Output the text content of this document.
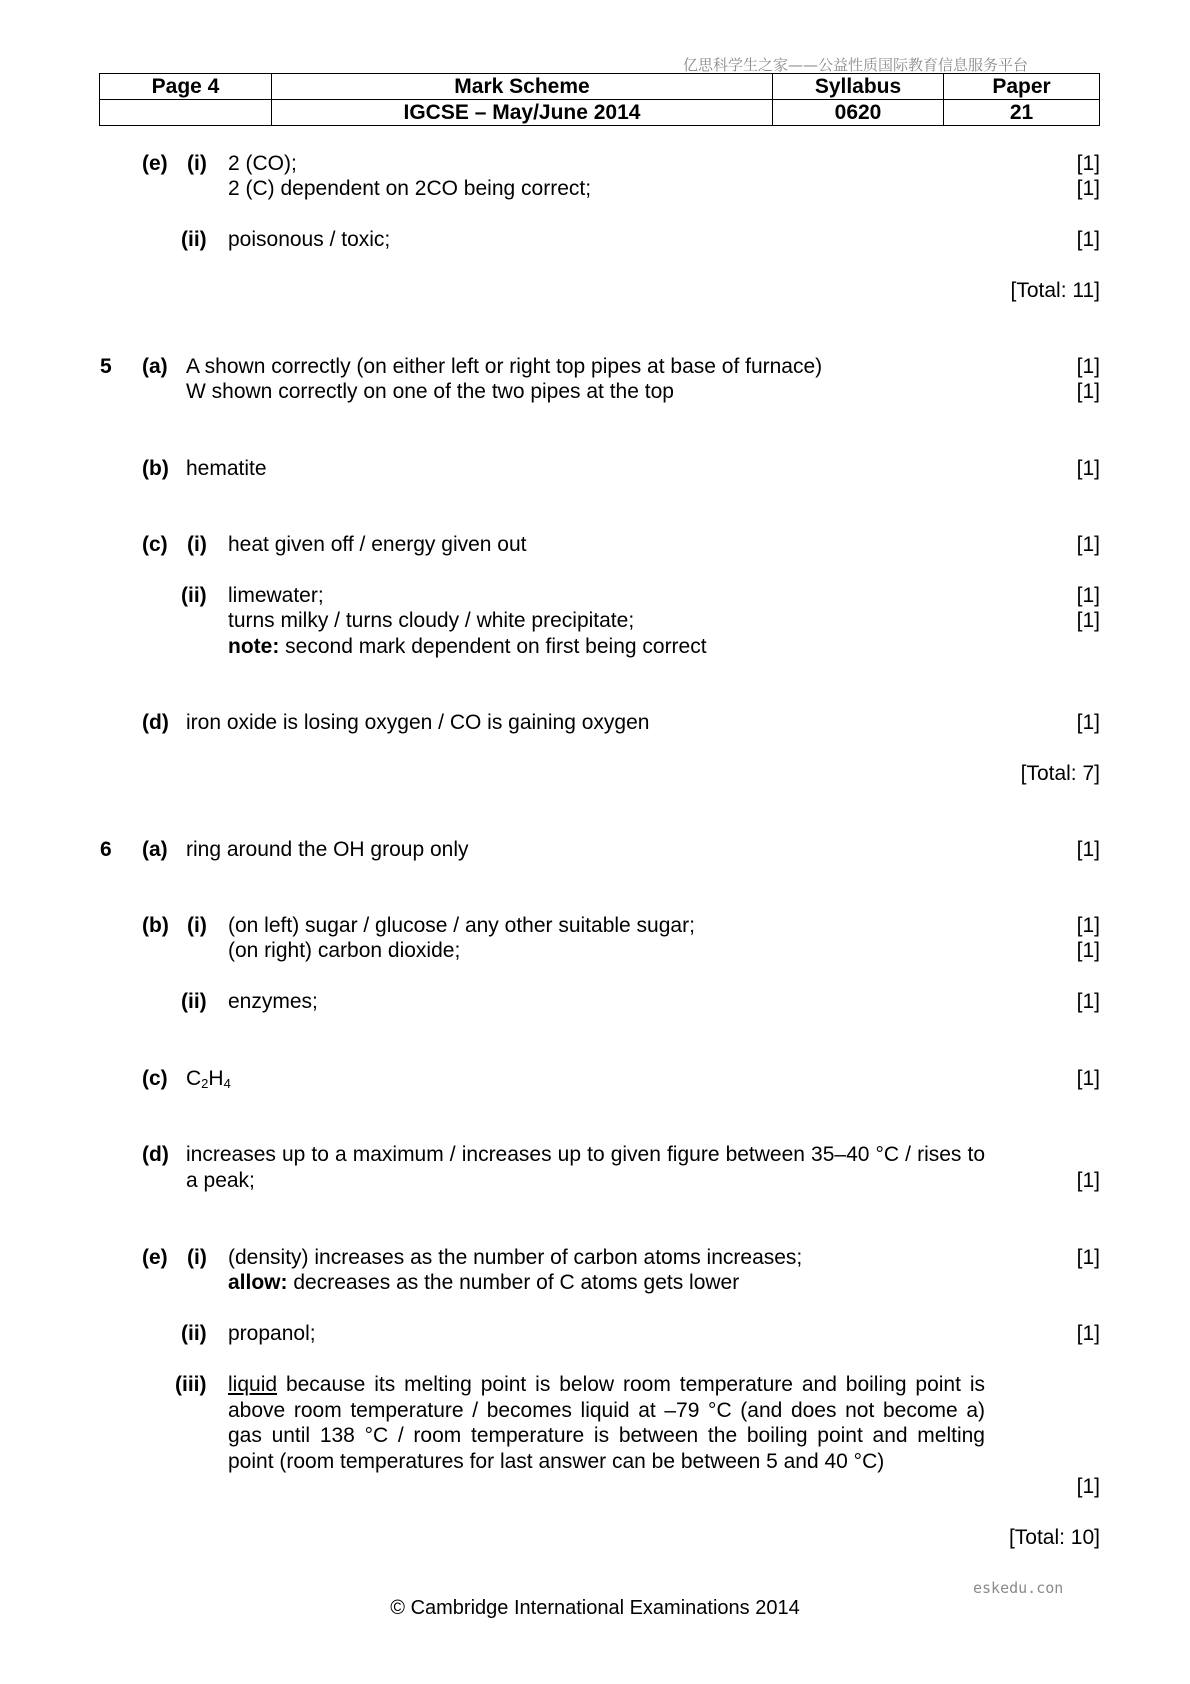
亿思科学生之家——公益性质国际教育信息服务平台
Page 4	Mark Scheme	Syllabus	Paper
	IGCSE – May/June 2014	0620	21
(e) (i) 2 (CO);	[1]
2 (C) dependent on 2CO being correct;	[1]
(ii) poisonous / toxic;	[1]
[Total: 11]
5 (a) A shown correctly (on either left or right top pipes at base of furnace)	[1]
W shown correctly on one of the two pipes at the top	[1]
(b) hematite	[1]
(c) (i) heat given off / energy given out	[1]
(ii) limewater;	[1]
turns milky / turns cloudy / white precipitate;	[1]
note: second mark dependent on first being correct
(d) iron oxide is losing oxygen / CO is gaining oxygen	[1]
[Total: 7]
6 (a) ring around the OH group only	[1]
(b) (i) (on left) sugar / glucose / any other suitable sugar;	[1]
(on right) carbon dioxide;	[1]
(ii) enzymes;	[1]
(c) $C_2H_4$	[1]
(d) increases up to a maximum / increases up to given figure between 35–40 °C / rises to a peak;	[1]
(e) (i) (density) increases as the number of carbon atoms increases;	[1]
allow: decreases as the number of C atoms gets lower
(ii) propanol;	[1]
(iii) liquid because its melting point is below room temperature and boiling point is above room temperature / becomes liquid at –79 °C (and does not become a) gas until 138 °C / room temperature is between the boiling point and melting point (room temperatures for last answer can be between 5 and 40 °C)
[1]
[Total: 10]
eskedu.con
© Cambridge International Examinations 2014
